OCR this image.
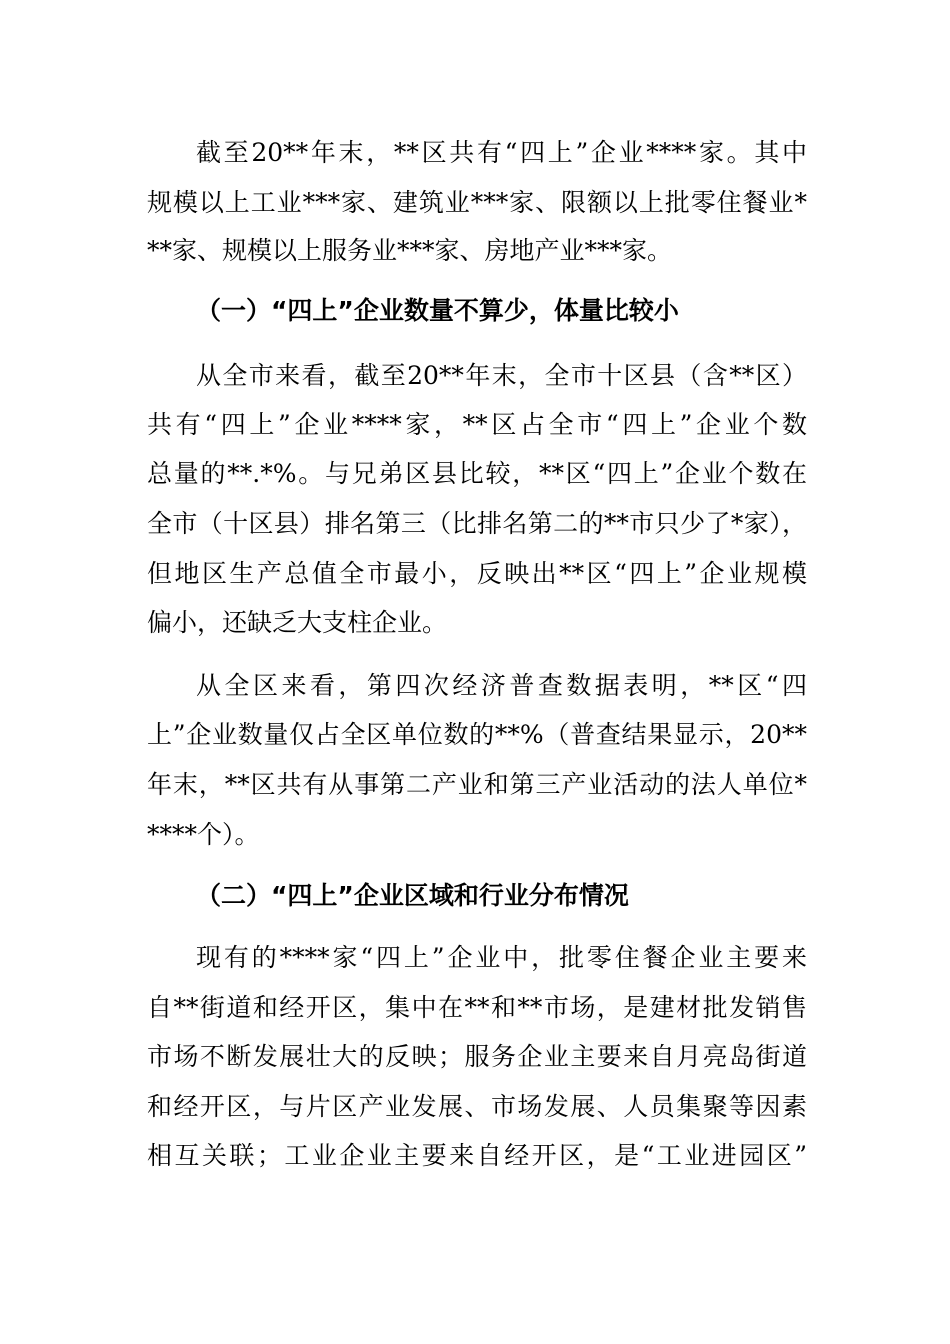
截至20**年末，**区共有“四上”企业****家。其中
规模以上工业***家、建筑业***家、限额以上批零住餐业*
**家、规模以上服务业***家、房地产业***家。
（一）“四上”企业数量不算少，体量比较小
从全市来看，截至20**年末，全市十区县（含**区）
共有“四上”企业****家，**区占全市“四上”企业个数
总量的**.*%。与兄弟区县比较，**区“四上”企业个数在
全市（十区县）排名第三（比排名第二的**市只少了*家），
但地区生产总值全市最小，反映出**区“四上”企业规模
偏小，还缺乏大支柱企业。
从全区来看，第四次经济普查数据表明，**区“四
上”企业数量仅占全区单位数的**%（普查结果显示，20**
年末，**区共有从事第二产业和第三产业活动的法人单位*
****个）。
（二）“四上”企业区域和行业分布情况
现有的****家“四上”企业中，批零住餐企业主要来
自**街道和经开区，集中在**和**市场，是建材批发销售
市场不断发展壮大的反映；服务企业主要来自月亮岛街道
和经开区，与片区产业发展、市场发展、人员集聚等因素
相互关联；工业企业主要来自经开区，是“工业进园区”
